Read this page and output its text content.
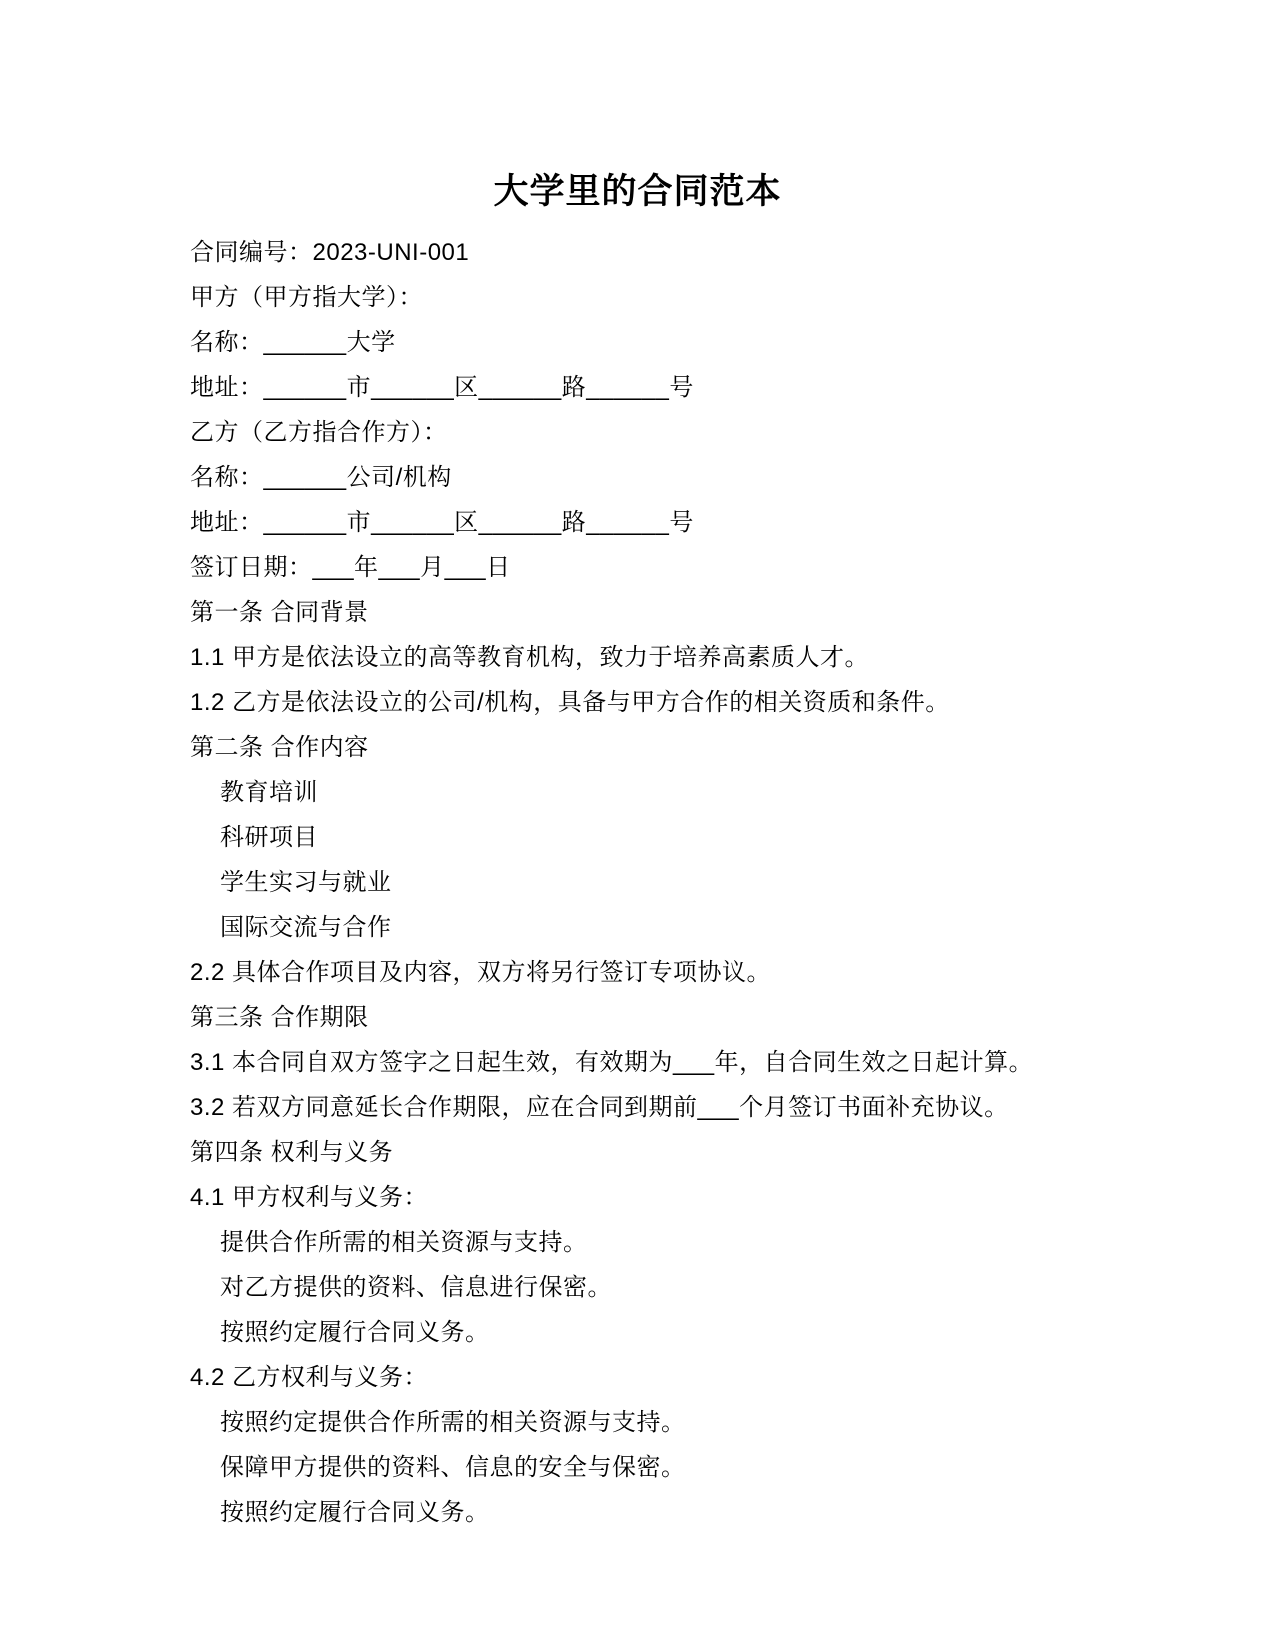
大学里的合同范本

合同编号：2023-UNI-001

甲方（甲方指大学）：

名称：______大学

地址：______市______区______路______号

乙方（乙方指合作方）：

名称：______公司/机构

地址：______市______区______路______号

签订日期：___年___月___日

第一条 合同背景

1.1 甲方是依法设立的高等教育机构，致力于培养高素质人才。

1.2 乙方是依法设立的公司/机构，具备与甲方合作的相关资质和条件。

第二条 合作内容

教育培训

科研项目

学生实习与就业

国际交流与合作

2.2 具体合作项目及内容，双方将另行签订专项协议。

第三条 合作期限

3.1 本合同自双方签字之日起生效，有效期为___年，自合同生效之日起计算。

3.2 若双方同意延长合作期限，应在合同到期前___个月签订书面补充协议。

第四条 权利与义务

4.1 甲方权利与义务：

提供合作所需的相关资源与支持。

对乙方提供的资料、信息进行保密。

按照约定履行合同义务。

4.2 乙方权利与义务：

按照约定提供合作所需的相关资源与支持。

保障甲方提供的资料、信息的安全与保密。

按照约定履行合同义务。
